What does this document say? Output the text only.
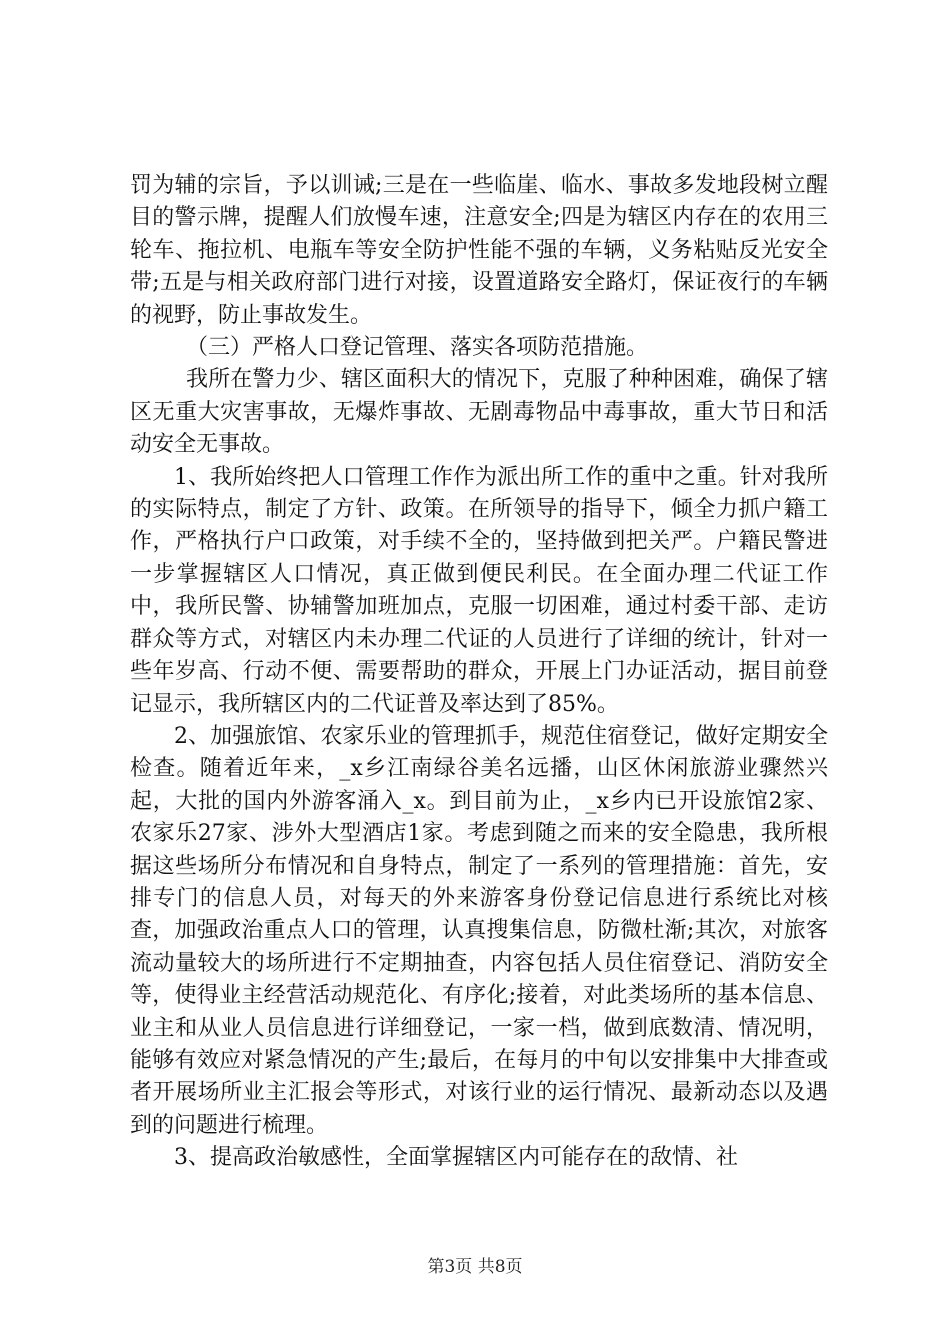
罚为辅的宗旨，予以训诫;三是在一些临崖、临水、事故多发地段树立醒目的警示牌，提醒人们放慢车速，注意安全;四是为辖区内存在的农用三轮车、拖拉机、电瓶车等安全防护性能不强的车辆，义务粘贴反光安全带;五是与相关政府部门进行对接，设置道路安全路灯，保证夜行的车辆的视野，防止事故发生。

（三）严格人口登记管理、落实各项防范措施。

我所在警力少、辖区面积大的情况下，克服了种种困难，确保了辖区无重大灾害事故，无爆炸事故、无剧毒物品中毒事故，重大节日和活动安全无事故。

1、我所始终把人口管理工作作为派出所工作的重中之重。针对我所的实际特点，制定了方针、政策。在所领导的指导下，倾全力抓户籍工作，严格执行户口政策，对手续不全的，坚持做到把关严。户籍民警进一步掌握辖区人口情况，真正做到便民利民。在全面办理二代证工作中，我所民警、协辅警加班加点，克服一切困难，通过村委干部、走访群众等方式，对辖区内未办理二代证的人员进行了详细的统计，针对一些年岁高、行动不便、需要帮助的群众，开展上门办证活动，据目前登记显示，我所辖区内的二代证普及率达到了85%。

2、加强旅馆、农家乐业的管理抓手，规范住宿登记，做好定期安全检查。随着近年来，_x乡江南绿谷美名远播，山区休闲旅游业骤然兴起，大批的国内外游客涌入_x。到目前为止，_x乡内已开设旅馆2家、农家乐27家、涉外大型酒店1家。考虑到随之而来的安全隐患，我所根据这些场所分布情况和自身特点，制定了一系列的管理措施：首先，安排专门的信息人员，对每天的外来游客身份登记信息进行系统比对核查，加强政治重点人口的管理，认真搜集信息，防微杜渐;其次，对旅客流动量较大的场所进行不定期抽查，内容包括人员住宿登记、消防安全等，使得业主经营活动规范化、有序化;接着，对此类场所的基本信息、业主和从业人员信息进行详细登记，一家一档，做到底数清、情况明，能够有效应对紧急情况的产生;最后，在每月的中旬以安排集中大排查或者开展场所业主汇报会等形式，对该行业的运行情况、最新动态以及遇到的问题进行梳理。

3、提高政治敏感性，全面掌握辖区内可能存在的敌情、社

第3页 共8页
